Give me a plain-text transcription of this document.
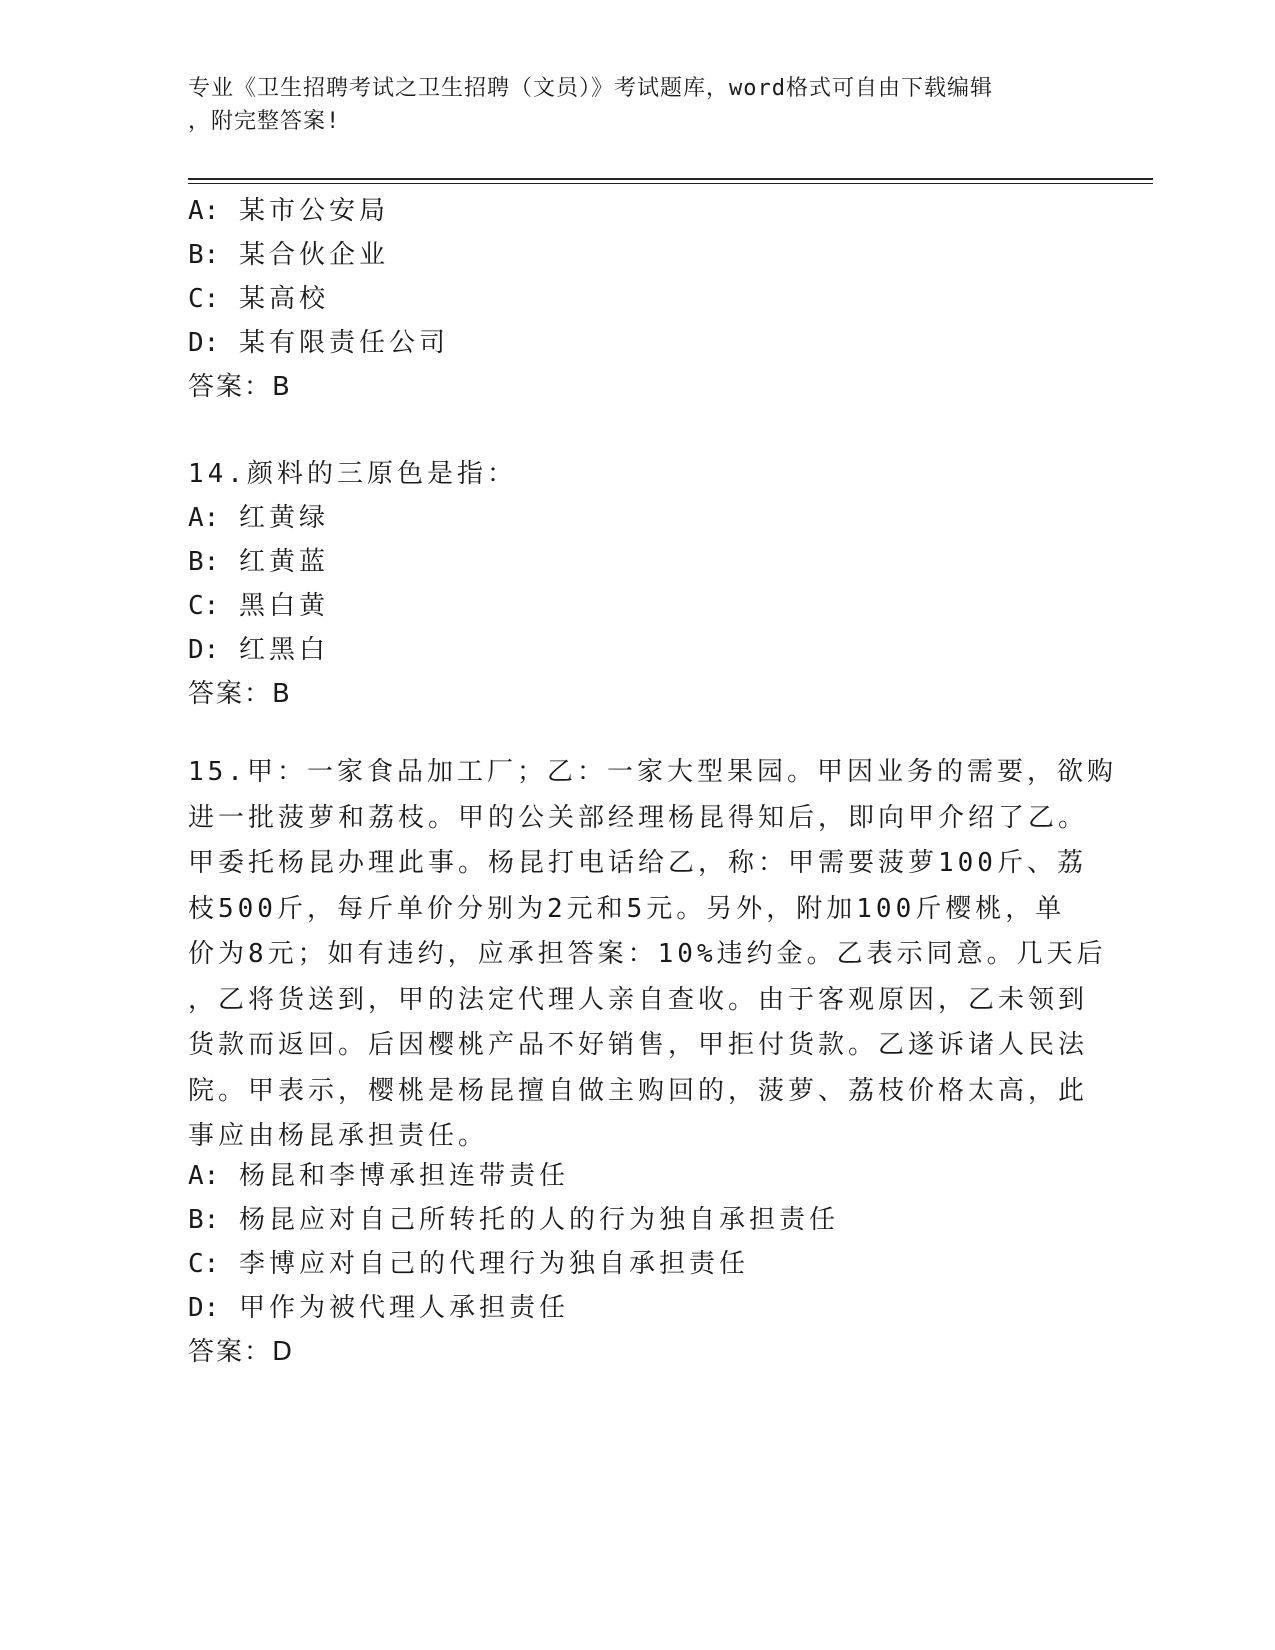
专业《卫生招聘考试之卫生招聘（文员）》考试题库，word格式可自由下载编辑
，附完整答案!
A: 某市公安局
B: 某合伙企业
C: 某高校
D: 某有限责任公司
答案：B
14.颜料的三原色是指：
A: 红黄绿
B: 红黄蓝
C: 黑白黄
D: 红黑白
答案：B
15.甲：一家食品加工厂；乙：一家大型果园。甲因业务的需要，欲购
进一批菠萝和荔枝。甲的公关部经理杨昆得知后，即向甲介绍了乙。
甲委托杨昆办理此事。杨昆打电话给乙，称：甲需要菠萝100斤、荔
枝500斤，每斤单价分别为2元和5元。另外，附加100斤樱桃，单
价为8元；如有违约，应承担答案：10%违约金。乙表示同意。几天后
，乙将货送到，甲的法定代理人亲自查收。由于客观原因，乙未领到
货款而返回。后因樱桃产品不好销售，甲拒付货款。乙遂诉诸人民法
院。甲表示，樱桃是杨昆擅自做主购回的，菠萝、荔枝价格太高，此
事应由杨昆承担责任。
A: 杨昆和李博承担连带责任
B: 杨昆应对自己所转托的人的行为独自承担责任
C: 李博应对自己的代理行为独自承担责任
D: 甲作为被代理人承担责任
答案：D
